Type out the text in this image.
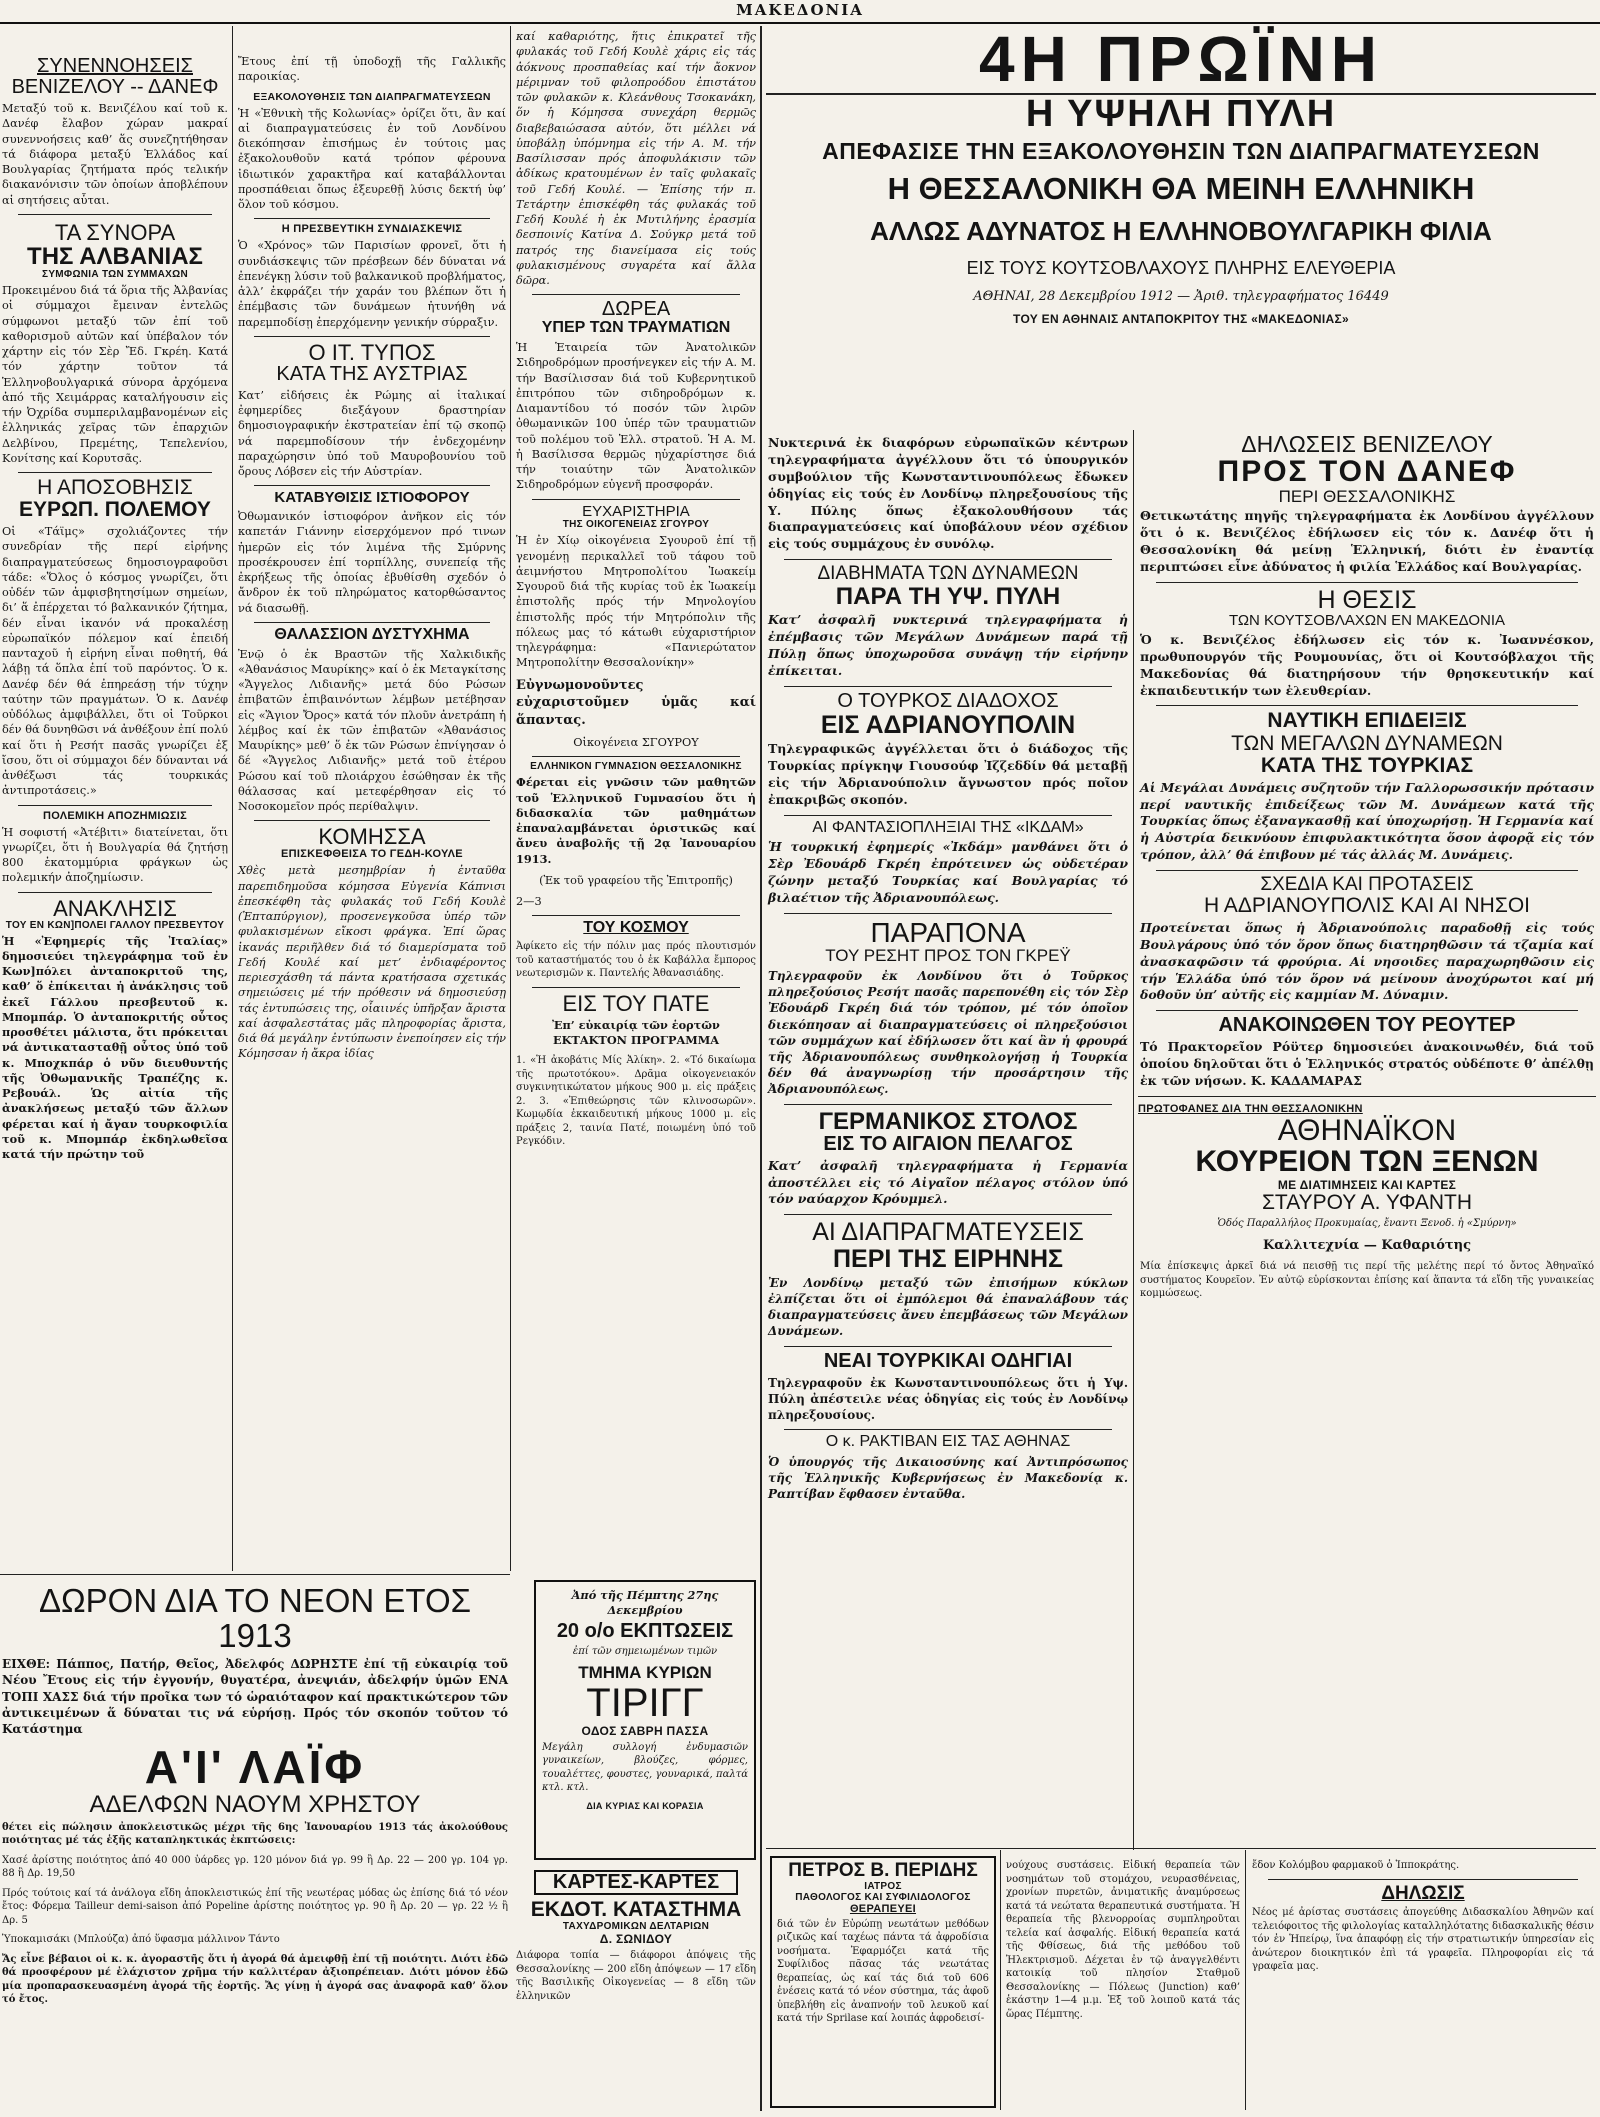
ΜΑΚΕΔΟΝΙΑ
ΣΥΝΕΝΝΟΗΣΕΙΣ
ΒΕΝΙΖΕΛΟΥ -- ΔΑΝΕΦ
Μεταξύ τοῦ κ. Βενιζέλου καί τοῦ κ. Δανέφ ἔλαβον χώραν μακραί συνεννοήσεις καθ’ ἅς συνεζητήθησαν τά διάφορα μεταξύ Ἑλλάδος καί Βουλγαρίας ζητήματα πρός τελικήν διακανόνισιν τῶν ὁποίων ἀποβλέπουν αἱ σητήσεις αὗται.
ΤΑ ΣΥΝΟΡΑ
ΤΗΣ ΑΛΒΑΝΙΑΣ
ΣΥΜΦΩΝΙΑ ΤΩΝ ΣΥΜΜΑΧΩΝ
Προκειμένου διά τά ὅρια τῆς Ἀλβανίας οἱ σύμμαχοι ἔμειναν ἐντελῶς σύμφωνοι μεταξύ τῶν ἐπί τοῦ καθορισμοῦ αὐτῶν καί ὑπέβαλον τόν χάρτην εἰς τόν Σὲρ Ἔδ. Γκρέη. Κατά τόν χάρτην τοῦτον τά Ἑλληνοβουλγαρικά σύνορα ἀρχόμενα ἀπό τῆς Χειμάρρας καταλήγουσιν εἰς τήν Ὀχρίδα συμπεριλαμβανομένων εἰς ἑλληνικάς χεῖρας τῶν ἐπαρχιῶν Δελβίνου, Πρεμέτης, Τεπελενίου, Κονίτσης καί Κορυτσᾶς.
Η ΑΠΟΣΟΒΗΣΙΣ
ΕΥΡΩΠ. ΠΟΛΕΜΟΥ
Οἱ «Τάϊμς» σχολιάζοντες τήν συνεδρίαν τῆς περί εἰρήνης διαπραγματεύσεως δημοσιογραφοῦσι τάδε: «Ὅλος ὁ κόσμος γνωρίζει, ὅτι οὐδέν τῶν ἀμφισβητησίμων σημείων, δι’ ἅ ἐπέρχεται τό βαλκανικόν ζήτημα, δέν εἶναι ἱκανόν νά προκαλέσῃ εὐρωπαϊκόν πόλεμον καί ἐπειδή πανταχοῦ ἡ εἰρήνη εἶναι ποθητή, θά λάβῃ τά ὅπλα ἐπί τοῦ παρόντος. Ὁ κ. Δανέφ δέν θά ἐπηρεάσῃ τήν τύχην ταύτην τῶν πραγμάτων. Ὁ κ. Δανέφ οὐδόλως ἀμφιβάλλει, ὅτι οἱ Τοῦρκοι δέν θά δυνηθῶσι νά ἀνθέξουν ἐπί πολύ καί ὅτι ἡ Ρεσήτ πασᾶς γνωρίζει ἐξ ἴσου, ὅτι οἱ σύμμαχοι δέν δύνανται νά ἀνθέξωσι τάς τουρκικάς ἀντιπροτάσεις.»
ΠΟΛΕΜΙΚΗ ΑΠΟΖΗΜΙΩΣΙΣ
Ἡ σοφιστή «Ἀτέβιτι» διατείνεται, ὅτι γνωρίζει, ὅτι ἡ Βουλγαρία θά ζητήσῃ 800 ἑκατομμύρια φράγκων ὡς πολεμικήν ἀποζημίωσιν.
ΑΝΑΚΛΗΣΙΣ
ΤΟΥ ΕΝ ΚΩΝ]ΠΟΛΕΙ ΓΑΛΛΟΥ ΠΡΕΣΒΕΥΤΟΥ
Ἡ «Ἐφημερίς τῆς Ἰταλίας» δημοσιεύει τηλεγράφημα τοῦ ἐν Κων]πόλει ἀνταποκριτοῦ της, καθ’ ὅ ἐπίκειται ἡ ἀνάκλησις τοῦ ἐκεῖ Γάλλου πρεσβευτοῦ κ. Μπομπάρ. Ὁ ἀνταποκριτής οὗτος προσθέτει μάλιστα, ὅτι πρόκειται νά ἀντικατασταθῇ οὗτος ὑπό τοῦ κ. Μποχκπάρ ὁ νῦν διευθυντής τῆς Ὀθωμανικῆς Τραπέζης κ. Ρεβουάλ. Ὡς αἰτία τῆς ἀνακλήσεως μεταξύ τῶν ἄλλων φέρεται καί ἡ ἄγαν τουρκοφιλία τοῦ κ. Μπομπάρ ἐκδηλωθεῖσα κατά τήν πρώτην τοῦ
Ἔτους ἐπί τῇ ὑποδοχῇ τῆς Γαλλικῆς παροικίας.
ΕΞΑΚΟΛΟΥΘΗΣΙΣ ΤΩΝ ΔΙΑΠΡΑΓΜΑΤΕΥΣΕΩΝ
Ἡ «Ἐθνικὴ τῆς Κολωνίας» ὁρίζει ὅτι, ἂν καί αἱ διαπραγματεύσεις ἐν τοῦ Λονδίνου διεκόπησαν ἐπισήμως ἐν τούτοις μας ἐξακολουθοῦν κατά τρόπον φέρουνα ἰδιωτικόν χαρακτῆρα καί καταβάλλονται προσπάθειαι ὅπως ἐξευρεθῇ λύσις δεκτή ὑφ’ ὅλον τοῦ κόσμου.
Η ΠΡΕΣΒΕΥΤΙΚΗ ΣΥΝΔΙΑΣΚΕΨΙΣ
Ὁ «Χρόνος» τῶν Παρισίων φρονεῖ, ὅτι ἡ συνδιάσκεψις τῶν πρέσβεων δέν δύναται νά ἐπενέγκῃ λύσιν τοῦ βαλκανικοῦ προβλήματος, ἀλλ’ ἐκφράζει τήν χαράν του βλέπων ὅτι ἡ ἐπέμβασις τῶν δυνάμεων ἠτυνήθη νά παρεμποδίσῃ ἐπερχόμενην γενικήν σύρραξιν.
Ο ΙΤ. ΤΥΠΟΣ
ΚΑΤΑ ΤΗΣ ΑΥΣΤΡΙΑΣ
Κατ’ εἰδήσεις ἐκ Ρώμης αἱ ἰταλικαί ἐφημερίδες διεξάγουν δραστηρίαν δημοσιογραφικήν ἐκστρατείαν ἐπί τῷ σκοπῷ νά παρεμποδίσουν τήν ἐνδεχομένην παραχώρησιν ὑπό τοῦ Μαυροβουνίου τοῦ ὄρους Λόβσεν εἰς τήν Αὐστρίαν.
ΚΑΤΑΒΥΘΙΣΙΣ ΙΣΤΙΟΦΟΡΟΥ
Ὀθωμανικόν ἱστιοφόρον ἀνῆκον εἰς τόν καπετάν Γιάννην εἰσερχόμενον πρό τινων ἡμερῶν εἰς τόν λιμένα τῆς Σμύρνης προσέκρουσεν ἐπί τορπίλλης, συνεπείᾳ τῆς ἐκρήξεως τῆς ὁποίας ἐβυθίσθη σχεδόν ὁ ἄνδρον ἐκ τοῦ πληρώματος κατορθώσαντος νά διασωθῇ.
ΘΑΛΑΣΣΙΟΝ ΔΥΣΤΥΧΗΜΑ
Ἐνῷ ὁ ἐκ Βραστῶν τῆς Χαλκιδικῆς «Ἀθανάσιος Μαυρίκης» καί ὁ ἐκ Μεταγκίτσης «Ἄγγελος Λιδιανῆς» μετά δύο Ρώσων ἐπιβατῶν ἐπιβαινόντων λέμβων μετέβησαν εἰς «Ἅγιον Ὄρος» κατά τόν πλοῦν ἀνετράπη ἡ λέμβος καί ἐκ τῶν ἐπιβατῶν «Ἀθανάσιος Μαυρίκης» μεθ’ ὅ ἐκ τῶν Ρώσων ἐπνίγησαν ὁ δέ «Ἄγγελος Λιδιανῆς» μετά τοῦ ἑτέρου Ρώσου καί τοῦ πλοιάρχου ἐσώθησαν ἐκ τῆς θάλασσας καί μετεφέρθησαν εἰς τό Νοσοκομεῖον πρός περίθαλψιν.
ΚΟΜΗΣΣΑ
ΕΠΙΣΚΕΦΘΕΙΣΑ ΤΟ ΓΕΔΗ-ΚΟΥΛΕ
Χθὲς μετὰ μεσημβρίαν ἡ ἐνταῦθα παρεπιδημοῦσα κόμησσα Εὐγενία Κάπνισι ἐπεσκέφθη τὰς φυλακάς τοῦ Γεδή Κουλὲ (Ἐπταπύργιον), προσενεγκοῦσα ὑπέρ τῶν φυλακισμένων εἴκοσι φράγκα. Ἐπί ὥρας ἱκανάς περιῆλθεν διά τό διαμερίσματα τοῦ Γεδή Κουλέ καί μετ’ ἐνδιαφέροντος περιεσχάσθη τά πάντα κρατήσασα σχετικάς σημειώσεις μέ τήν πρόθεσιν νά δημοσιεύσῃ τάς ἐντυπώσεις της, οἷαιινές ὑπῆρξαν ἄριστα καί ἀσφαλεστάτας μᾶς πληροφορίας ἄριστα, διά θά μεγάλην ἐντύπωσιν ἐνεποίησεν εἰς τήν Κόμησσαν ἡ ἄκρα ἰδίας
καί καθαριότης, ἥτις ἐπικρατεῖ τῆς φυλακάς τοῦ Γεδή Κουλὲ χάρις εἰς τάς ἀόκνους προσπαθείας καί τήν ἄοκνον μέριμναν τοῦ φιλοπροόδου ἐπιστάτου τῶν φυλακῶν κ. Κλεάνθους Τσοκανάκη, ὅν ἡ Κόμησσα συνεχάρη θερμῶς διαβεβαιώσασα αὐτόν, ὅτι μέλλει νά ὑποβάλῃ ὑπόμνημα εἰς τήν Α. Μ. τήν Βασίλισσαν πρός ἀποφυλάκισιν τῶν ἀδίκως κρατουμένων ἐν ταῖς φυλακαῖς τοῦ Γεδή Κουλέ. — Ἐπίσης τήν π. Τετάρτην ἐπισκέφθη τάς φυλακάς τοῦ Γεδή Κουλέ ἡ ἐκ Μυτιλήνης ἐρασμία δεσποινίς Κατίνα Δ. Σούγκρ μετά τοῦ πατρός της διανείμασα εἰς τούς φυλακισμένους συγαρέτα καί ἄλλα δῶρα.
ΔΩΡΕΑ
ΥΠΕΡ ΤΩΝ ΤΡΑΥΜΑΤΙΩΝ
Ἡ Ἑταιρεία τῶν Ἀνατολικῶν Σιδηροδρόμων προσήνεγκεν εἰς τήν Α. Μ. τήν Βασίλισσαν διά τοῦ Κυβερνητικοῦ ἐπιτρόπου τῶν σιδηροδρόμων κ. Διαμαντίδου τό ποσόν τῶν λιρῶν ὀθωμανικῶν 100 ὑπέρ τῶν τραυματιῶν τοῦ πολέμου τοῦ Ἑλλ. στρατοῦ. Ἡ Α. Μ. ἡ Βασίλισσα θερμῶς ηὐχαρίστησε διά τήν τοιαύτην τῶν Ἀνατολικῶν Σιδηροδρόμων εὐγενῆ προσφοράν.
ΕΥΧΑΡΙΣΤΗΡΙΑ
ΤΗΣ ΟΙΚΟΓΕΝΕΙΑΣ ΣΓΟΥΡΟΥ
Ἡ ἐν Χίῳ οἰκογένεια Σγουροῦ ἐπί τῇ γενομένῃ περικαλλεῖ τοῦ τάφου τοῦ ἀειμνήστου Μητροπολίτου Ἰωακείμ Σγουροῦ διά τῆς κυρίας τοῦ ἐκ Ἰωακείμ ἐπιστολῆς πρός τήν Μηνολογίου ἐπιστολῆς πρός τήν Μητρόπολιν τῆς πόλεως μας τό κάτωθι εὐχαριστήριον τηλεγράφημα: «Πανιερώτατον Μητροπολίτην Θεσσαλονίκην»
Εὐγνωμονοῦντες εὐχαριστοῦμεν ὑμᾶς καί ἅπαντας.
Οἰκογένεια ΣΓΟΥΡΟΥ
ΕΛΛΗΝΙΚΟΝ ΓΥΜΝΑΣΙΟΝ ΘΕΣΣΑΛΟΝΙΚΗΣ
Φέρεται εἰς γνῶσιν τῶν μαθητῶν τοῦ Ἑλληνικοῦ Γυμνασίου ὅτι ἡ διδασκαλία τῶν μαθημάτων ἐπαναλαμβάνεται ὁριστικῶς καί ἄνευ ἀναβολῆς τῇ 2ᾳ Ἰανουαρίου 1913.
(Ἐκ τοῦ γραφείου τῆς Ἐπιτροπῆς)
2—3
ΤΟΥ ΚΟΣΜΟΥ
Ἀφίκετο εἰς τήν πόλιν μας πρός πλουτισμόν τοῦ καταστήματός του ὁ ἐκ Καβάλλα ἔμπορος νεωτερισμῶν κ. Παντελής Ἀθανασιάδης.
ΕΙΣ ΤΟΥ ΠΑΤΕ
Ἐπ’ εὐκαιρίᾳ τῶν ἑορτῶν ΕΚΤΑΚΤΟΝ ΠΡΟΓΡΑΜΜΑ
1. «Ἡ ἀκοβάτις Μίς Ἀλίκη». 2. «Τό δικαίωμα τῆς πρωτοτόκου». Δρᾶμα οἰκογενειακόν συγκινητικώτατον μήκους 900 μ. εἰς πράξεις 2. 3. «Ἐπιθεώρησις τῶν κλινοσωρῶν». Κωμῳδία ἐκκαιδευτική μήκους 1000 μ. εἰς πράξεις 2, ταινία Πατέ, ποιωμένη ὑπό τοῦ Ρεγκόδιν.
Ἀπό τῆς Πέμπτης 27ης Δεκεμβρίου
20 ο/ο ΕΚΠΤΩΣΕΙΣ
ἐπί τῶν σημειωμένων τιμῶν
ΤΜΗΜΑ ΚΥΡΙΩΝ
ΤΙΡΙΓΓ
ΟΔΟΣ ΣΑΒΡΗ ΠΑΣΣΑ
Μεγάλη συλλογή ἐνδυμασιῶν γυναικείων, βλούζες, φόρμες, τουαλέττες, φουστες, γουναρικά, παλτά κτλ. κτλ.
ΔΙΑ ΚΥΡΙΑΣ ΚΑΙ ΚΟΡΑΣΙΑ
ΚΑΡΤΕΣ-ΚΑΡΤΕΣ
ΕΚΔΟΤ. ΚΑΤΑΣΤΗΜΑ
ΤΑΧΥΔΡΟΜΙΚΩΝ ΔΕΛΤΑΡΙΩΝ
Δ. ΣΩΝΙΔΟΥ
Διάφορα τοπία — διάφοροι ἀπόψεις τῆς Θεσσαλονίκης — 200 εἴδη ἀπόψεων — 17 εἴδη τῆς Βασιλικῆς Οἰκογενείας — 8 εἴδη τῶν ἑλληνικῶν
ΔΩΡΟΝ ΔΙΑ ΤΟ ΝΕΟΝ ΕΤΟΣ 1913
ΕΙΧΘΕ: Πάππος, Πατήρ, Θεῖος, Ἀδελφός ΔΩΡΗΣΤΕ ἐπί τῇ εὐκαιρίᾳ τοῦ Νέου Ἔτους εἰς τήν ἐγγονήν, θυγατέρα, ἀνεψιάν, ἀδελφήν ὑμῶν ΕΝΑ ΤΟΠΙ ΧΑΣΣ διά τήν προῖκα των τό ὡραιόταφον καί πρακτικώτερον τῶν ἀντικειμένων ἅ δύναται τις νά εὑρήσῃ. Πρός τόν σκοπόν τοῦτον τό Κατάστημα
Α'Ι' ΛΑΪΦ
ΑΔΕΛΦΩΝ ΝΑΟΥΜ ΧΡΗΣΤΟΥ
θέτει εἰς πώλησιν ἀποκλειστικῶς μέχρι τῆς 6ης Ἰανουαρίου 1913 τάς ἀκολούθους ποιότητας μέ τάς ἑξῆς καταπληκτικάς ἐκπτώσεις:
Χασέ ἀρίστης ποιότητος ἀπό 40 000 ὑάρδες γρ. 120 μόνον διά γρ. 99 ἢ Δρ. 22 — 200 γρ. 104 γρ. 88 ἢ Δρ. 19,50
Πρός τούτοις καί τά ἀνάλογα εἴδη ἀποκλειστικώς ἐπί τῆς νεωτέρας μόδας ὡς ἐπίσης διά τό νέον ἔτος: Φόρεμα Tailleur demi-saison ἀπό Popeline ἀρίστης ποιότητος γρ. 90 ἢ Δρ. 20 — γρ. 22 ½ ἢ Δρ. 5
Ὑποκαμισάκι (Μπλούζα) ἀπό ὕφασμα μάλλινον Τάντο
Ἄς εἶνε βέβαιοι οἱ κ. κ. ἀγοραστῆς ὅτι ἡ ἀγορά θά ἀμειφθῇ ἐπί τῇ ποιότητι. Διότι ἐδῶ θά προσφέρουν μέ ἐλάχιστον χρῆμα τήν καλλιτέραν ἀξιοπρέπειαν. Διότι μόνον ἐδῶ μία προπαρασκευασμένη ἀγορά τῆς ἑορτῆς. Ἄς γίνῃ ἡ ἀγορά σας ἀναφορᾶ καθ’ ὅλον τό ἔτος.
4Η ΠΡΩΪΝΗ
Η ΥΨΗΛΗ ΠΥΛΗ
ΑΠΕΦΑΣΙΣΕ ΤΗΝ ΕΞΑΚΟΛΟΥΘΗΣΙΝ ΤΩΝ ΔΙΑΠΡΑΓΜΑΤΕΥΣΕΩΝ
Η ΘΕΣΣΑΛΟΝΙΚΗ ΘΑ ΜΕΙΝΗ ΕΛΛΗΝΙΚΗ
ΑΛΛΩΣ ΑΔΥΝΑΤΟΣ Η ΕΛΛΗΝΟΒΟΥΛΓΑΡΙΚΗ ΦΙΛΙΑ
ΕΙΣ ΤΟΥΣ ΚΟΥΤΣΟΒΛΑΧΟΥΣ ΠΛΗΡΗΣ ΕΛΕΥΘΕΡΙΑ
ΑΘΗΝΑΙ, 28 Δεκεμβρίου 1912 — Ἀριθ. τηλεγραφήματος 16449
ΤΟΥ ΕΝ ΑΘΗΝΑΙΣ ΑΝΤΑΠΟΚΡΙΤΟΥ ΤΗΣ «ΜΑΚΕΔΟΝΙΑΣ»
Νυκτερινά ἐκ διαφόρων εὐρωπαϊκῶν κέντρων τηλεγραφήματα ἀγγέλλουν ὅτι τό ὑπουργικόν συμβούλιον τῆς Κωνσταντινουπόλεως ἔδωκεν ὁδηγίας εἰς τούς ἐν Λονδίνῳ πληρεξουσίους τῆς Υ. Πύλης ὅπως ἐξακολουθήσουν τάς διαπραγματεύσεις καί ὑποβάλουν νέον σχέδιον εἰς τούς συμμάχους ἐν συνόλῳ.
ΔΙΑΒΗΜΑΤΑ ΤΩΝ ΔΥΝΑΜΕΩΝ
ΠΑΡΑ ΤΗ ΥΨ. ΠΥΛΗ
Κατ’ ἀσφαλῆ νυκτερινά τηλεγραφήματα ἡ ἐπέμβασις τῶν Μεγάλων Δυνάμεων παρά τῇ Πύλῃ ὅπως ὑποχωροῦσα συνάψῃ τήν εἰρήνην ἐπίκειται.
Ο ΤΟΥΡΚΟΣ ΔΙΑΔΟΧΟΣ
ΕΙΣ ΑΔΡΙΑΝΟΥΠΟΛΙΝ
Τηλεγραφικῶς ἀγγέλλεται ὅτι ὁ διάδοχος τῆς Τουρκίας πρίγκηψ Γιουσούφ Ἰζζεδδίν θά μεταβῇ εἰς τήν Ἀδριανούπολιν ἄγνωστον πρός ποῖον ἐπακριβῶς σκοπόν.
ΑΙ ΦΑΝΤΑΣΙΟΠΛΗΞΙΑΙ ΤΗΣ «ΙΚΔΑΜ»
Ἡ τουρκική ἐφημερίς «Ἰκδάμ» μανθάνει ὅτι ὁ Σὲρ Ἐδουάρδ Γκρέη ἐπρότεινεν ὡς οὐδετέραν ζώνην μεταξύ Τουρκίας καί Βουλγαρίας τό βιλαέτιον τῆς Ἀδριανουπόλεως.
ΠΑΡΑΠΟΝΑ
ΤΟΥ ΡΕΣΗΤ ΠΡΟΣ ΤΟΝ ΓΚΡΕΫ
Τηλεγραφοῦν ἐκ Λονδίνου ὅτι ὁ Τοῦρκος πληρεξούσιος Ρεσήτ πασᾶς παρεπονέθη εἰς τόν Σὲρ Ἐδουάρδ Γκρέη διά τόν τρόπον, μέ τόν ὁποῖον διεκόπησαν αἱ διαπραγματεύσεις οἱ πληρεξούσιοι τῶν συμμάχων καί ἐδήλωσεν ὅτι καί ἂν ἡ φρουρά τῆς Ἀδριανουπόλεως συνθηκολογήσῃ ἡ Τουρκία δέν θά ἀναγνωρίσῃ τήν προσάρτησιν τῆς Ἀδριανουπόλεως.
ΓΕΡΜΑΝΙΚΟΣ ΣΤΟΛΟΣ
ΕΙΣ ΤΟ ΑΙΓΑΙΟΝ ΠΕΛΑΓΟΣ
Κατ’ ἀσφαλῆ τηλεγραφήματα ἡ Γερμανία ἀποστέλλει εἰς τό Αἰγαῖον πέλαγος στόλον ὑπό τόν ναύαρχον Κρόυμμελ.
ΑΙ ΔΙΑΠΡΑΓΜΑΤΕΥΣΕΙΣ
ΠΕΡΙ ΤΗΣ ΕΙΡΗΝΗΣ
Ἐν Λονδίνῳ μεταξύ τῶν ἐπισήμων κύκλων ἐλπίζεται ὅτι οἱ ἐμπόλεμοι θά ἐπαναλάβουν τάς διαπραγματεύσεις ἄνευ ἐπεμβάσεως τῶν Μεγάλων Δυνάμεων.
ΝΕΑΙ ΤΟΥΡΚΙΚΑΙ ΟΔΗΓΙΑΙ
Τηλεγραφοῦν ἐκ Κωνσταντινουπόλεως ὅτι ἡ Υψ. Πύλη ἀπέστειλε νέας ὁδηγίας εἰς τούς ἐν Λονδίνῳ πληρεξουσίους.
Ο κ. ΡΑΚΤΙΒΑΝ ΕΙΣ ΤΑΣ ΑΘΗΝΑΣ
Ὁ ὑπουργός τῆς Δικαιοσύνης καί Ἀντιπρόσωπος τῆς Ἑλληνικῆς Κυβερνήσεως ἐν Μακεδονίᾳ κ. Ραπτίβαν ἔφθασεν ἐνταῦθα.
ΔΗΛΩΣΕΙΣ ΒΕΝΙΖΕΛΟΥ
ΠΡΟΣ ΤΟΝ ΔΑΝΕΦ
ΠΕΡΙ ΘΕΣΣΑΛΟΝΙΚΗΣ
Θετικωτάτης πηγῆς τηλεγραφήματα ἐκ Λονδίνου ἀγγέλλουν ὅτι ὁ κ. Βενιζέλος ἐδήλωσεν εἰς τόν κ. Δανέφ ὅτι ἡ Θεσσαλονίκη θά μείνῃ Ἑλληνική, διότι ἐν ἐναντίᾳ περιπτώσει εἶνε ἀδύνατος ἡ φιλία Ἑλλάδος καί Βουλγαρίας.
Η ΘΕΣΙΣ
ΤΩΝ ΚΟΥΤΣΟΒΛΑΧΩΝ ΕΝ ΜΑΚΕΔΟΝΙΑ
Ὁ κ. Βενιζέλος ἐδήλωσεν εἰς τόν κ. Ἰωαννέσκον, πρωθυπουργόν τῆς Ρουμουνίας, ὅτι οἱ Κουτσόβλαχοι τῆς Μακεδονίας θά διατηρήσουν τήν θρησκευτικήν καί ἐκπαιδευτικήν των ἐλευθερίαν.
ΝΑΥΤΙΚΗ ΕΠΙΔΕΙΞΙΣ
ΤΩΝ ΜΕΓΑΛΩΝ ΔΥΝΑΜΕΩΝ
ΚΑΤΑ ΤΗΣ ΤΟΥΡΚΙΑΣ
Αἱ Μεγάλαι Δυνάμεις συζητοῦν τήν Γαλλορωσσικήν πρότασιν περί ναυτικῆς ἐπιδείξεως τῶν Μ. Δυνάμεων κατά τῆς Τουρκίας ὅπως ἐξαναγκασθῇ καί ὑποχωρήσῃ. Ἡ Γερμανία καί ἡ Αὐστρία δεικνύουν ἐπιφυλακτικότητα ὅσον ἀφορᾷ εἰς τόν τρόπον, ἀλλ’ θά ἐπιβουν μέ τάς ἀλλάς Μ. Δυνάμεις.
ΣΧΕΔΙΑ ΚΑΙ ΠΡΟΤΑΣΕΙΣ
Η ΑΔΡΙΑΝΟΥΠΟΛΙΣ ΚΑΙ ΑΙ ΝΗΣΟΙ
Προτείνεται ὅπως ἡ Ἀδριανούπολις παραδοθῇ εἰς τούς Βουλγάρους ὑπό τόν ὅρον ὅπως διατηρηθῶσιν τά τζαμία καί ἀνασκαφῶσιν τά φρούρια. Αἱ νησοιδες παραχωρηθῶσιν εἰς τήν Ἑλλάδα ὑπό τόν ὅρον νά μείνουν ἀνοχύρωτοι καί μή δοθοῦν ὑπ’ αὐτῆς εἰς καμμίαν Μ. Δύναμιν.
ΑΝΑΚΟΙΝΩΘΕΝ ΤΟΥ ΡΕΟΥΤΕΡ
Τό Πρακτορεῖον Ρόϋτερ δημοσιεύει ἀνακοινωθέν, διά τοῦ ὁποίου δηλοῦται ὅτι ὁ Ἑλληνικός στρατός οὐδέποτε θ’ ἀπέλθῃ ἐκ τῶν νήσων. Κ. ΚΑΔΑΜΑΡΑΣ
ΠΡΩΤΟΦΑΝΕΣ ΔΙΑ ΤΗΝ ΘΕΣΣΑΛΟΝΙΚΗΝ
ΑΘΗΝΑΪΚΟΝ
ΚΟΥΡΕΙΟΝ ΤΩΝ ΞΕΝΩΝ
ΜΕ ΔΙΑΤΙΜΗΣΕΙΣ ΚΑΙ ΚΑΡΤΕΣ
ΣΤΑΥΡΟΥ Α. ΥΦΑΝΤΗ
Ὁδός Παραλλήλος Προκυμαίας, ἔναντι Ξενοδ. ἡ «Σμύρνη»
Καλλιτεχνία — Καθαριότης
Μία ἐπίσκεψις ἀρκεῖ διά νά πεισθῇ τις περί τῆς μελέτης περί τό ὄντος Ἀθηναϊκό συστήματος Κουρεῖον. Ἐν αὐτῷ εὑρίσκονται ἐπίσης καί ἅπαντα τά εἴδη τῆς γυναικείας κομμώσεως.
ΠΕΤΡΟΣ Β. ΠΕΡΙΔΗΣ
ΙΑΤΡΟΣ
ΠΑΘΟΛΟΓΟΣ ΚΑΙ ΣΥΦΙΛΙΔΟΛΟΓΟΣ
ΘΕΡΑΠΕΥΕΙ
διά τῶν ἐν Εὐρώπῃ νεωτάτων μεθόδων ριζικῶς καί ταχέως πάντα τά ἀφροδίσια νοσήματα. Ἐφαρμόζει κατά τῆς Συφίλιδος πᾶσας τάς νεωτάτας θεραπείας, ὡς καί τάς διά τοῦ 606 ἐνέσεις κατά τό νέον σύστημα, τάς ἀφοῦ ὑπεβλήθη εἰς ἀναπνοήν τοῦ λευκοῦ καί κατά τήν Sprilase καί λοιπάς ἀφροδεισί-
νούχους συστάσεις. Εἰδική θεραπεία τῶν νοσημάτων τοῦ στομάχου, νευρασθένειας, χρονίων πυρετῶν, ἀνιματικῆς ἀναμύρσεως κατά τά νεώτατα θεραπευτικά συστήματα. Ἡ θεραπεία τῆς βλενορροίας συμπληροῦται τελεία καί ἀσφαλής. Εἰδική θεραπεία κατά τῆς Φθίσεως, διά τῆς μεθόδου τοῦ Ἠλεκτρισμοῦ. Δέχεται ἐν τῷ ἀναγγελθέντι κατοικίᾳ τοῦ πλησίον Σταθμοῦ Θεσσαλονίκης — Πόλεως (Junction) καθ’ ἑκάστην 1—4 μ.μ. Ἐξ τοῦ λοιποῦ κατά τάς ὥρας Πέμπτης.
ἔδον Κολόμβου φαρμακοῦ ὁ Ἱπποκράτης.
ΔΗΛΩΣΙΣ
Νέος μέ ἀρίστας συστάσεις ἀπογεύθης Διδασκαλίου Ἀθηνῶν καί τελειόφοιτος τῆς φιλολογίας καταλληλότατης διδασκαλικῆς θέσιν τόν ἐν Ἡπείρῳ, ἵνα ἀπαφόφῃ εἰς τήν στρατιωτικήν ὑπηρεσίαν εἰς ἀνώτερον διοικητικόν ἐπὶ τά γραφεῖα. Πληροφορίαι εἰς τά γραφεῖα μας.
